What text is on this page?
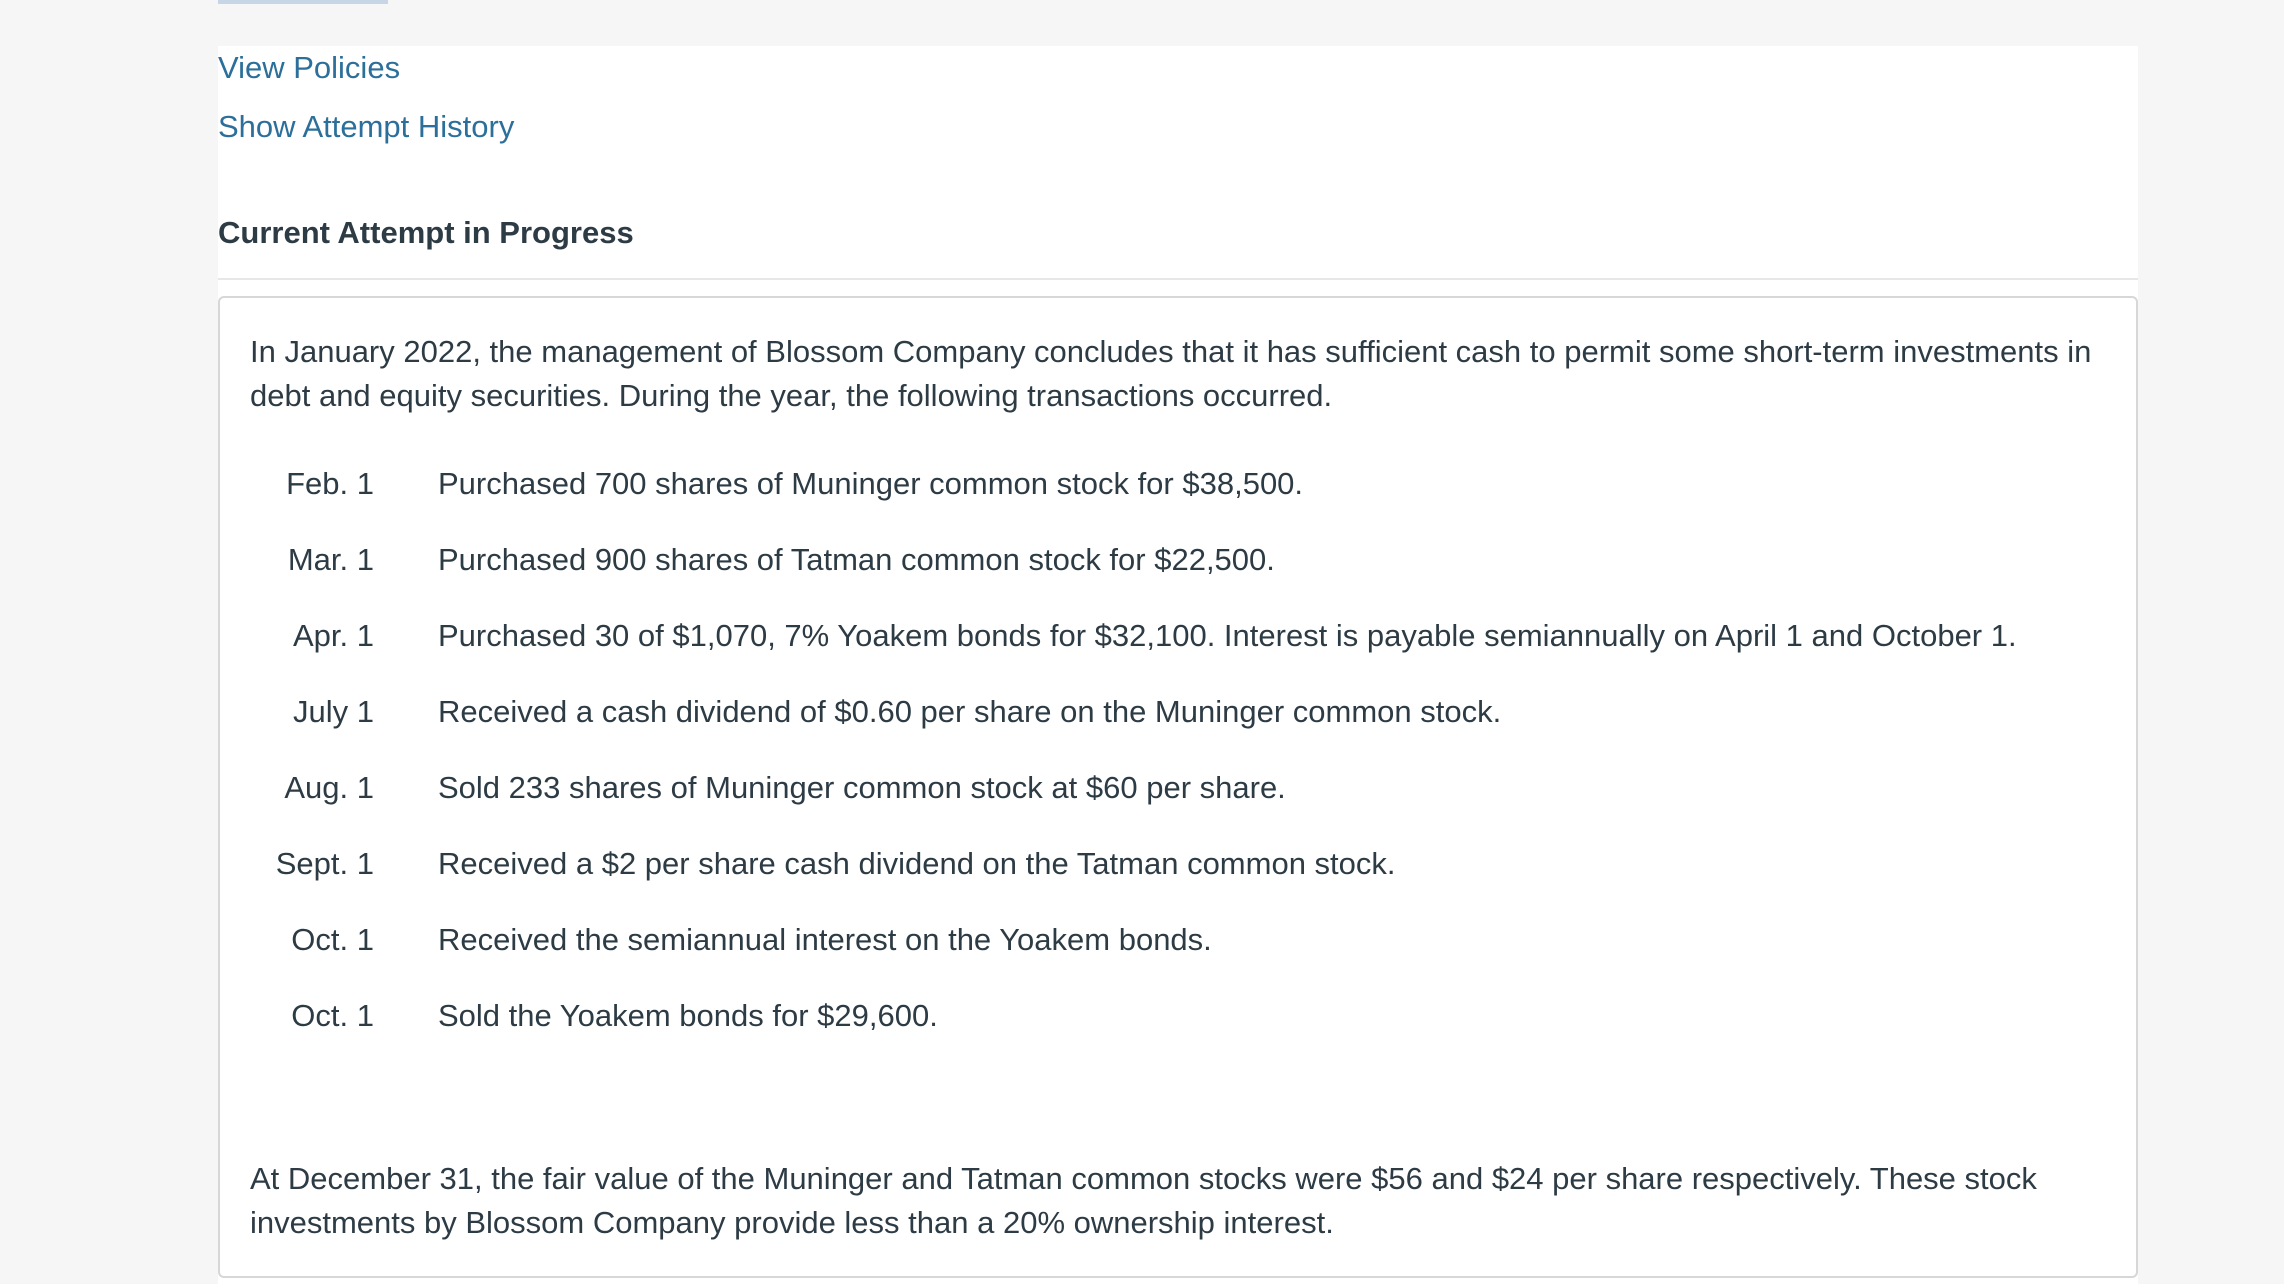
View Policies
Show Attempt History
Current Attempt in Progress

In January 2022, the management of Blossom Company concludes that it has sufficient cash to permit some short-term investments in debt and equity securities. During the year, the following transactions occurred.

Feb. 1 Purchased 700 shares of Muninger common stock for $38,500.
Mar. 1 Purchased 900 shares of Tatman common stock for $22,500.
Apr. 1 Purchased 30 of $1,070, 7% Yoakem bonds for $32,100. Interest is payable semiannually on April 1 and October 1.
July 1 Received a cash dividend of $0.60 per share on the Muninger common stock.
Aug. 1 Sold 233 shares of Muninger common stock at $60 per share.
Sept. 1 Received a $2 per share cash dividend on the Tatman common stock.
Oct. 1 Received the semiannual interest on the Yoakem bonds.
Oct. 1 Sold the Yoakem bonds for $29,600.

At December 31, the fair value of the Muninger and Tatman common stocks were $56 and $24 per share respectively. These stock investments by Blossom Company provide less than a 20% ownership interest.
